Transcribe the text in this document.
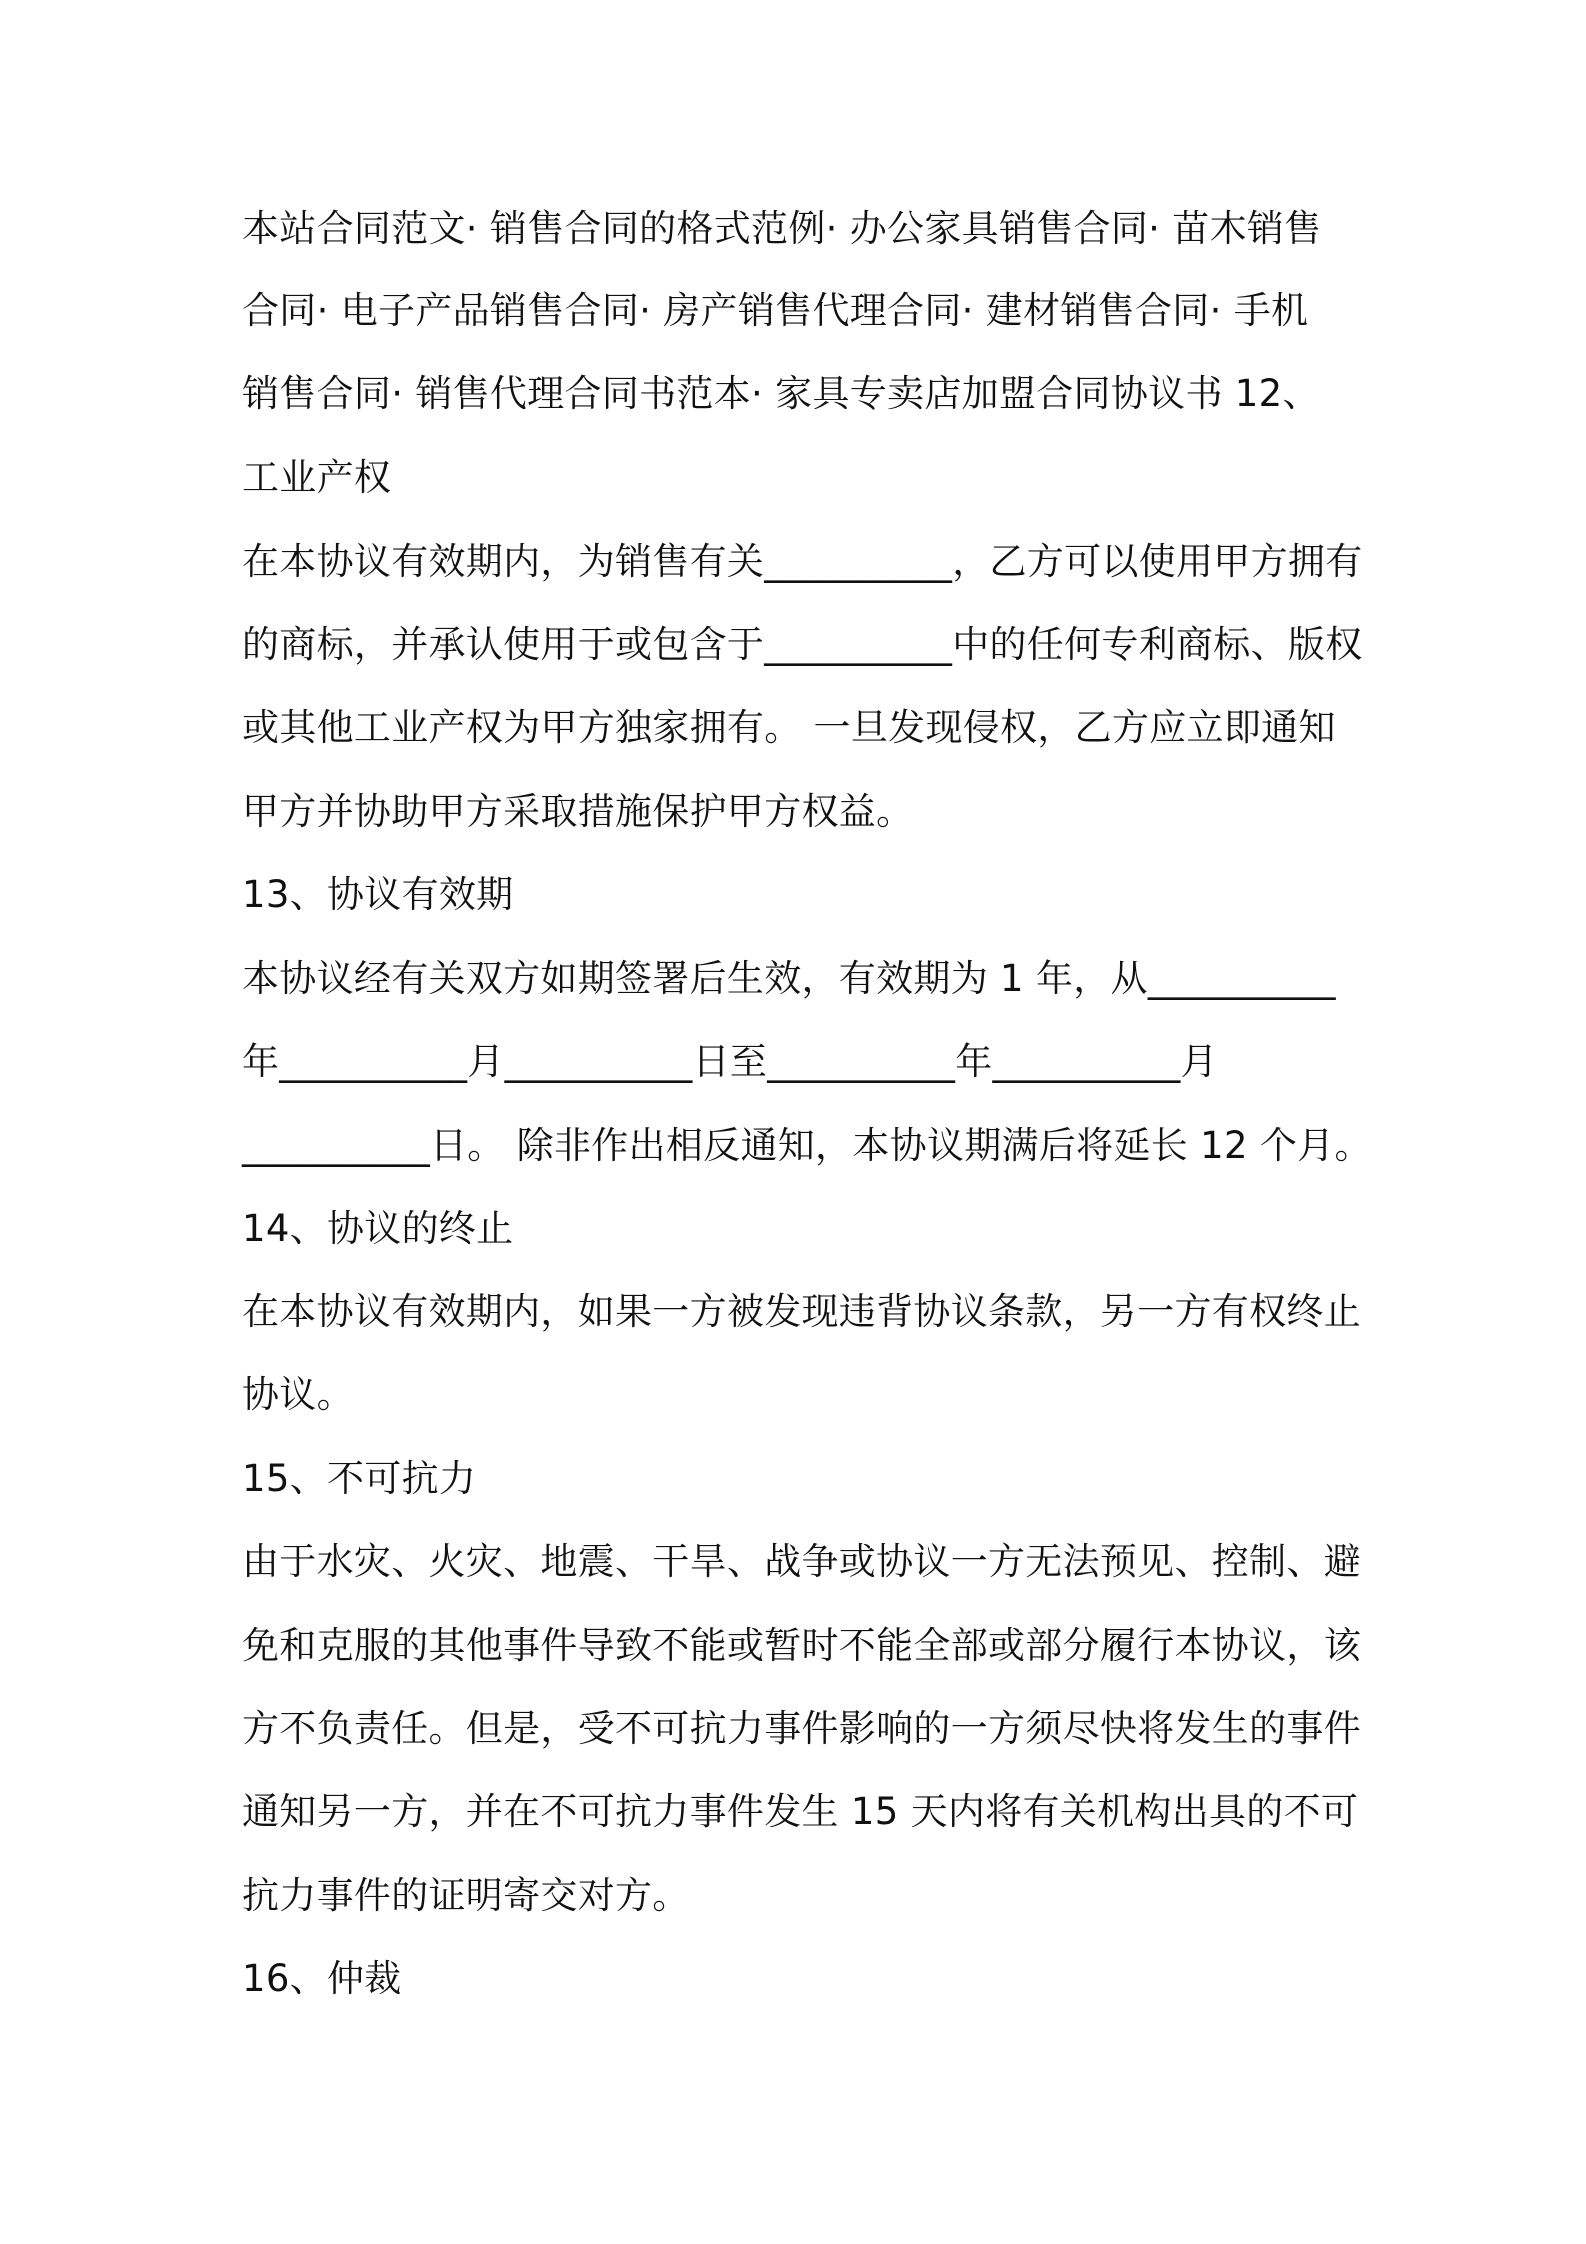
本站合同范文· 销售合同的格式范例· 办公家具销售合同· 苗木销售
合同· 电子产品销售合同· 房产销售代理合同· 建材销售合同· 手机
销售合同· 销售代理合同书范本· 家具专卖店加盟合同协议书 12、
工业产权
在本协议有效期内，为销售有关__________，乙方可以使用甲方拥有
的商标，并承认使用于或包含于__________中的任何专利商标、版权
或其他工业产权为甲方独家拥有。 一旦发现侵权，乙方应立即通知
甲方并协助甲方采取措施保护甲方权益。
13、协议有效期
本协议经有关双方如期签署后生效，有效期为 1 年，从__________
年__________月__________日至__________年__________月
__________日。 除非作出相反通知，本协议期满后将延长 12 个月。
14、协议的终止
在本协议有效期内，如果一方被发现违背协议条款，另一方有权终止
协议。
15、不可抗力
由于水灾、火灾、地震、干旱、战争或协议一方无法预见、控制、避
免和克服的其他事件导致不能或暂时不能全部或部分履行本协议，该
方不负责任。但是，受不可抗力事件影响的一方须尽快将发生的事件
通知另一方，并在不可抗力事件发生 15 天内将有关机构出具的不可
抗力事件的证明寄交对方。
16、仲裁
